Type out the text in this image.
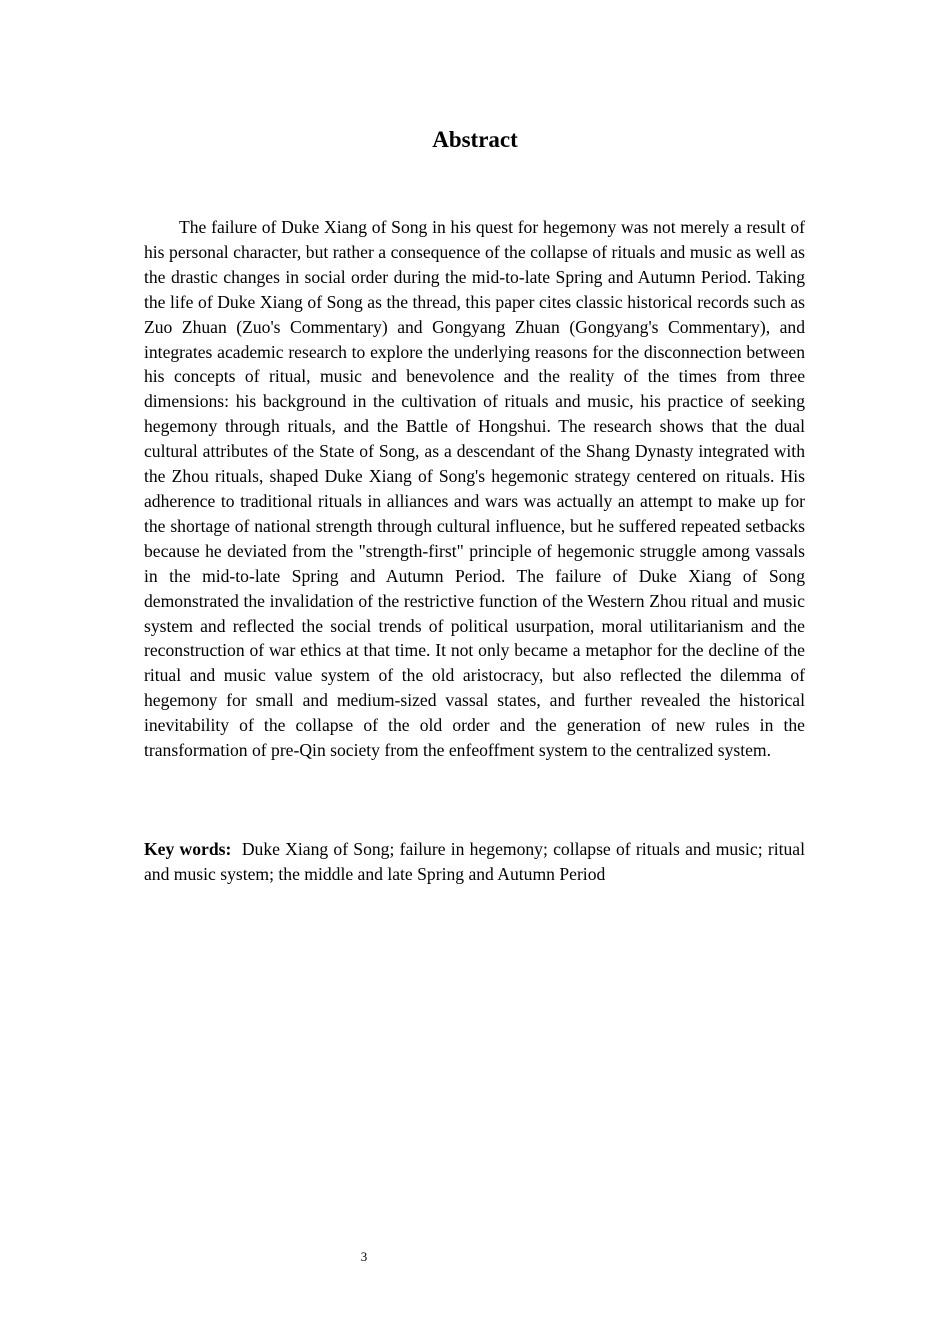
Abstract

The failure of Duke Xiang of Song in his quest for hegemony was not merely a result of his personal character, but rather a consequence of the collapse of rituals and music as well as the drastic changes in social order during the mid-to-late Spring and Autumn Period. Taking the life of Duke Xiang of Song as the thread, this paper cites classic historical records such as Zuo Zhuan (Zuo's Commentary) and Gongyang Zhuan (Gongyang's Commentary), and integrates academic research to explore the underlying reasons for the disconnection between his concepts of ritual, music and benevolence and the reality of the times from three dimensions: his background in the cultivation of rituals and music, his practice of seeking hegemony through rituals, and the Battle of Hongshui. The research shows that the dual cultural attributes of the State of Song, as a descendant of the Shang Dynasty integrated with the Zhou rituals, shaped Duke Xiang of Song's hegemonic strategy centered on rituals. His adherence to traditional rituals in alliances and wars was actually an attempt to make up for the shortage of national strength through cultural influence, but he suffered repeated setbacks because he deviated from the "strength-first" principle of hegemonic struggle among vassals in the mid-to-late Spring and Autumn Period. The failure of Duke Xiang of Song demonstrated the invalidation of the restrictive function of the Western Zhou ritual and music system and reflected the social trends of political usurpation, moral utilitarianism and the reconstruction of war ethics at that time. It not only became a metaphor for the decline of the ritual and music value system of the old aristocracy, but also reflected the dilemma of hegemony for small and medium-sized vassal states, and further revealed the historical inevitability of the collapse of the old order and the generation of new rules in the transformation of pre-Qin society from the enfeoffment system to the centralized system.

Key words: Duke Xiang of Song; failure in hegemony; collapse of rituals and music; ritual and music system; the middle and late Spring and Autumn Period

3
